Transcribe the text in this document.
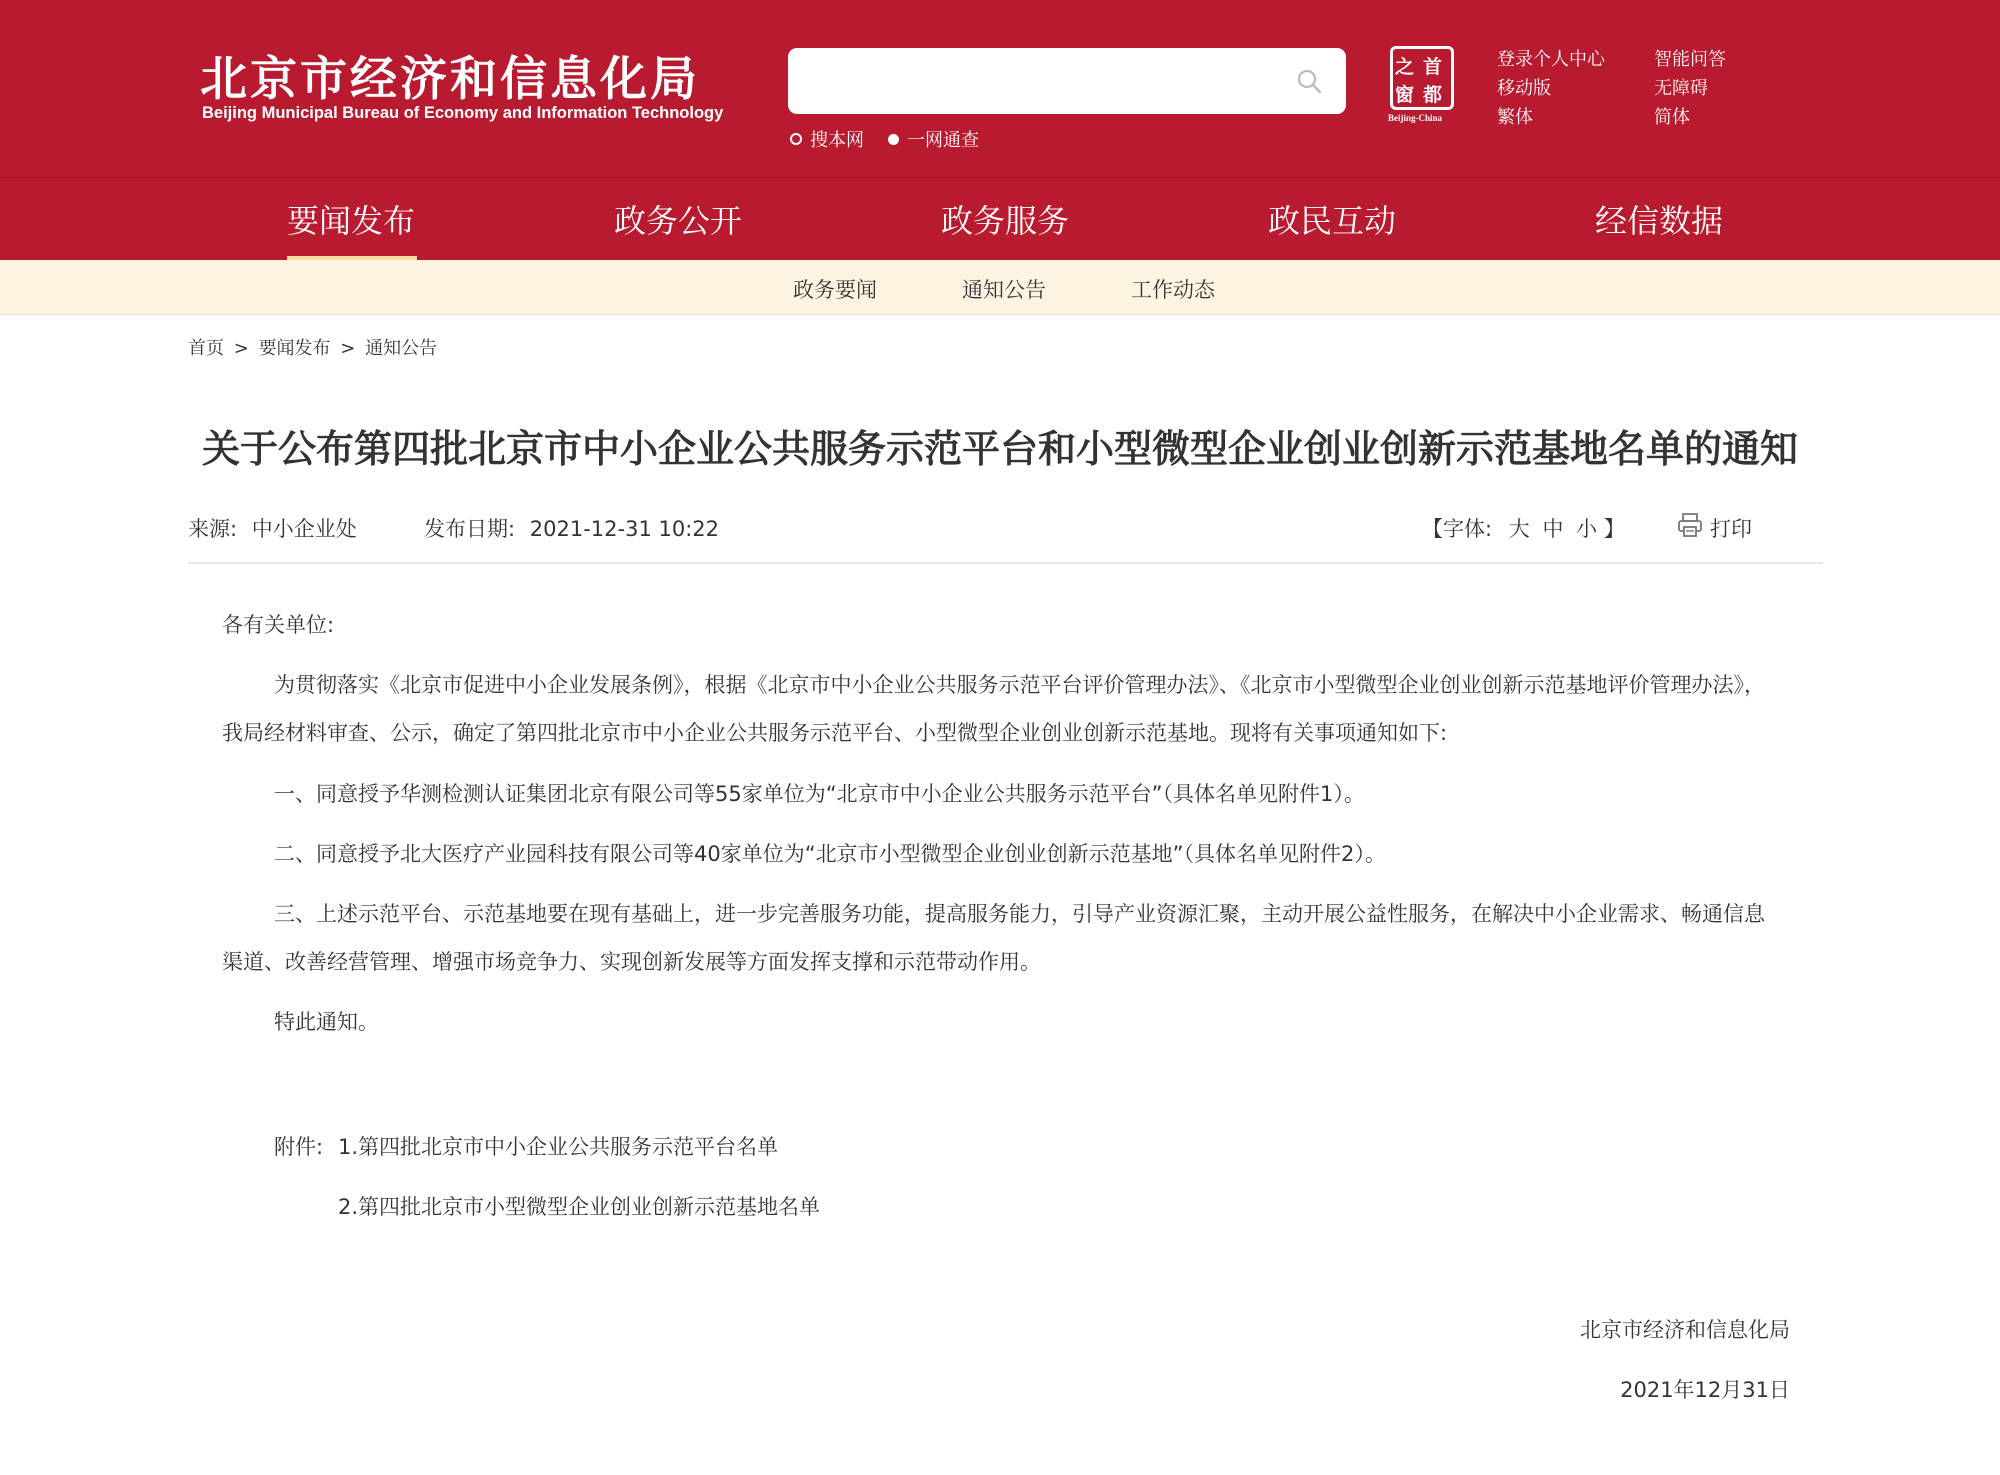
北京市经济和信息化局
Beijing Municipal Bureau of Economy and Information Technology
搜本网 一网通查
之 首
窗 都
Beijing-China
登录个人中心
移动版
繁体
智能问答
无障碍
简体
要闻发布	政务公开	政务服务	政民互动	经信数据
政务要闻	通知公告	工作动态
首页 > 要闻发布 > 通知公告
关于公布第四批北京市中小企业公共服务示范平台和小型微型企业创业创新示范基地名单的通知
来源: 中小企业处	发布日期: 2021-12-31 10:22	【字体: 大 中 小 】	打印
各有关单位:
为贯彻落实《北京市促进中小企业发展条例》，根据《北京市中小企业公共服务示范平台评价管理办法》、《北京市小型微型企业创业创新示范基地评价管理办法》，我局经材料审查、公示，确定了第四批北京市中小企业公共服务示范平台、小型微型企业创业创新示范基地。现将有关事项通知如下:
一、同意授予华测检测认证集团北京有限公司等55家单位为“北京市中小企业公共服务示范平台”（具体名单见附件1）。
二、同意授予北大医疗产业园科技有限公司等40家单位为“北京市小型微型企业创业创新示范基地”（具体名单见附件2）。
三、上述示范平台、示范基地要在现有基础上，进一步完善服务功能，提高服务能力，引导产业资源汇聚，主动开展公益性服务，在解决中小企业需求、畅通信息渠道、改善经营管理、增强市场竞争力、实现创新发展等方面发挥支撑和示范带动作用。
特此通知。
附件: 1.第四批北京市中小企业公共服务示范平台名单
2.第四批北京市小型微型企业创业创新示范基地名单
北京市经济和信息化局
2021年12月31日
